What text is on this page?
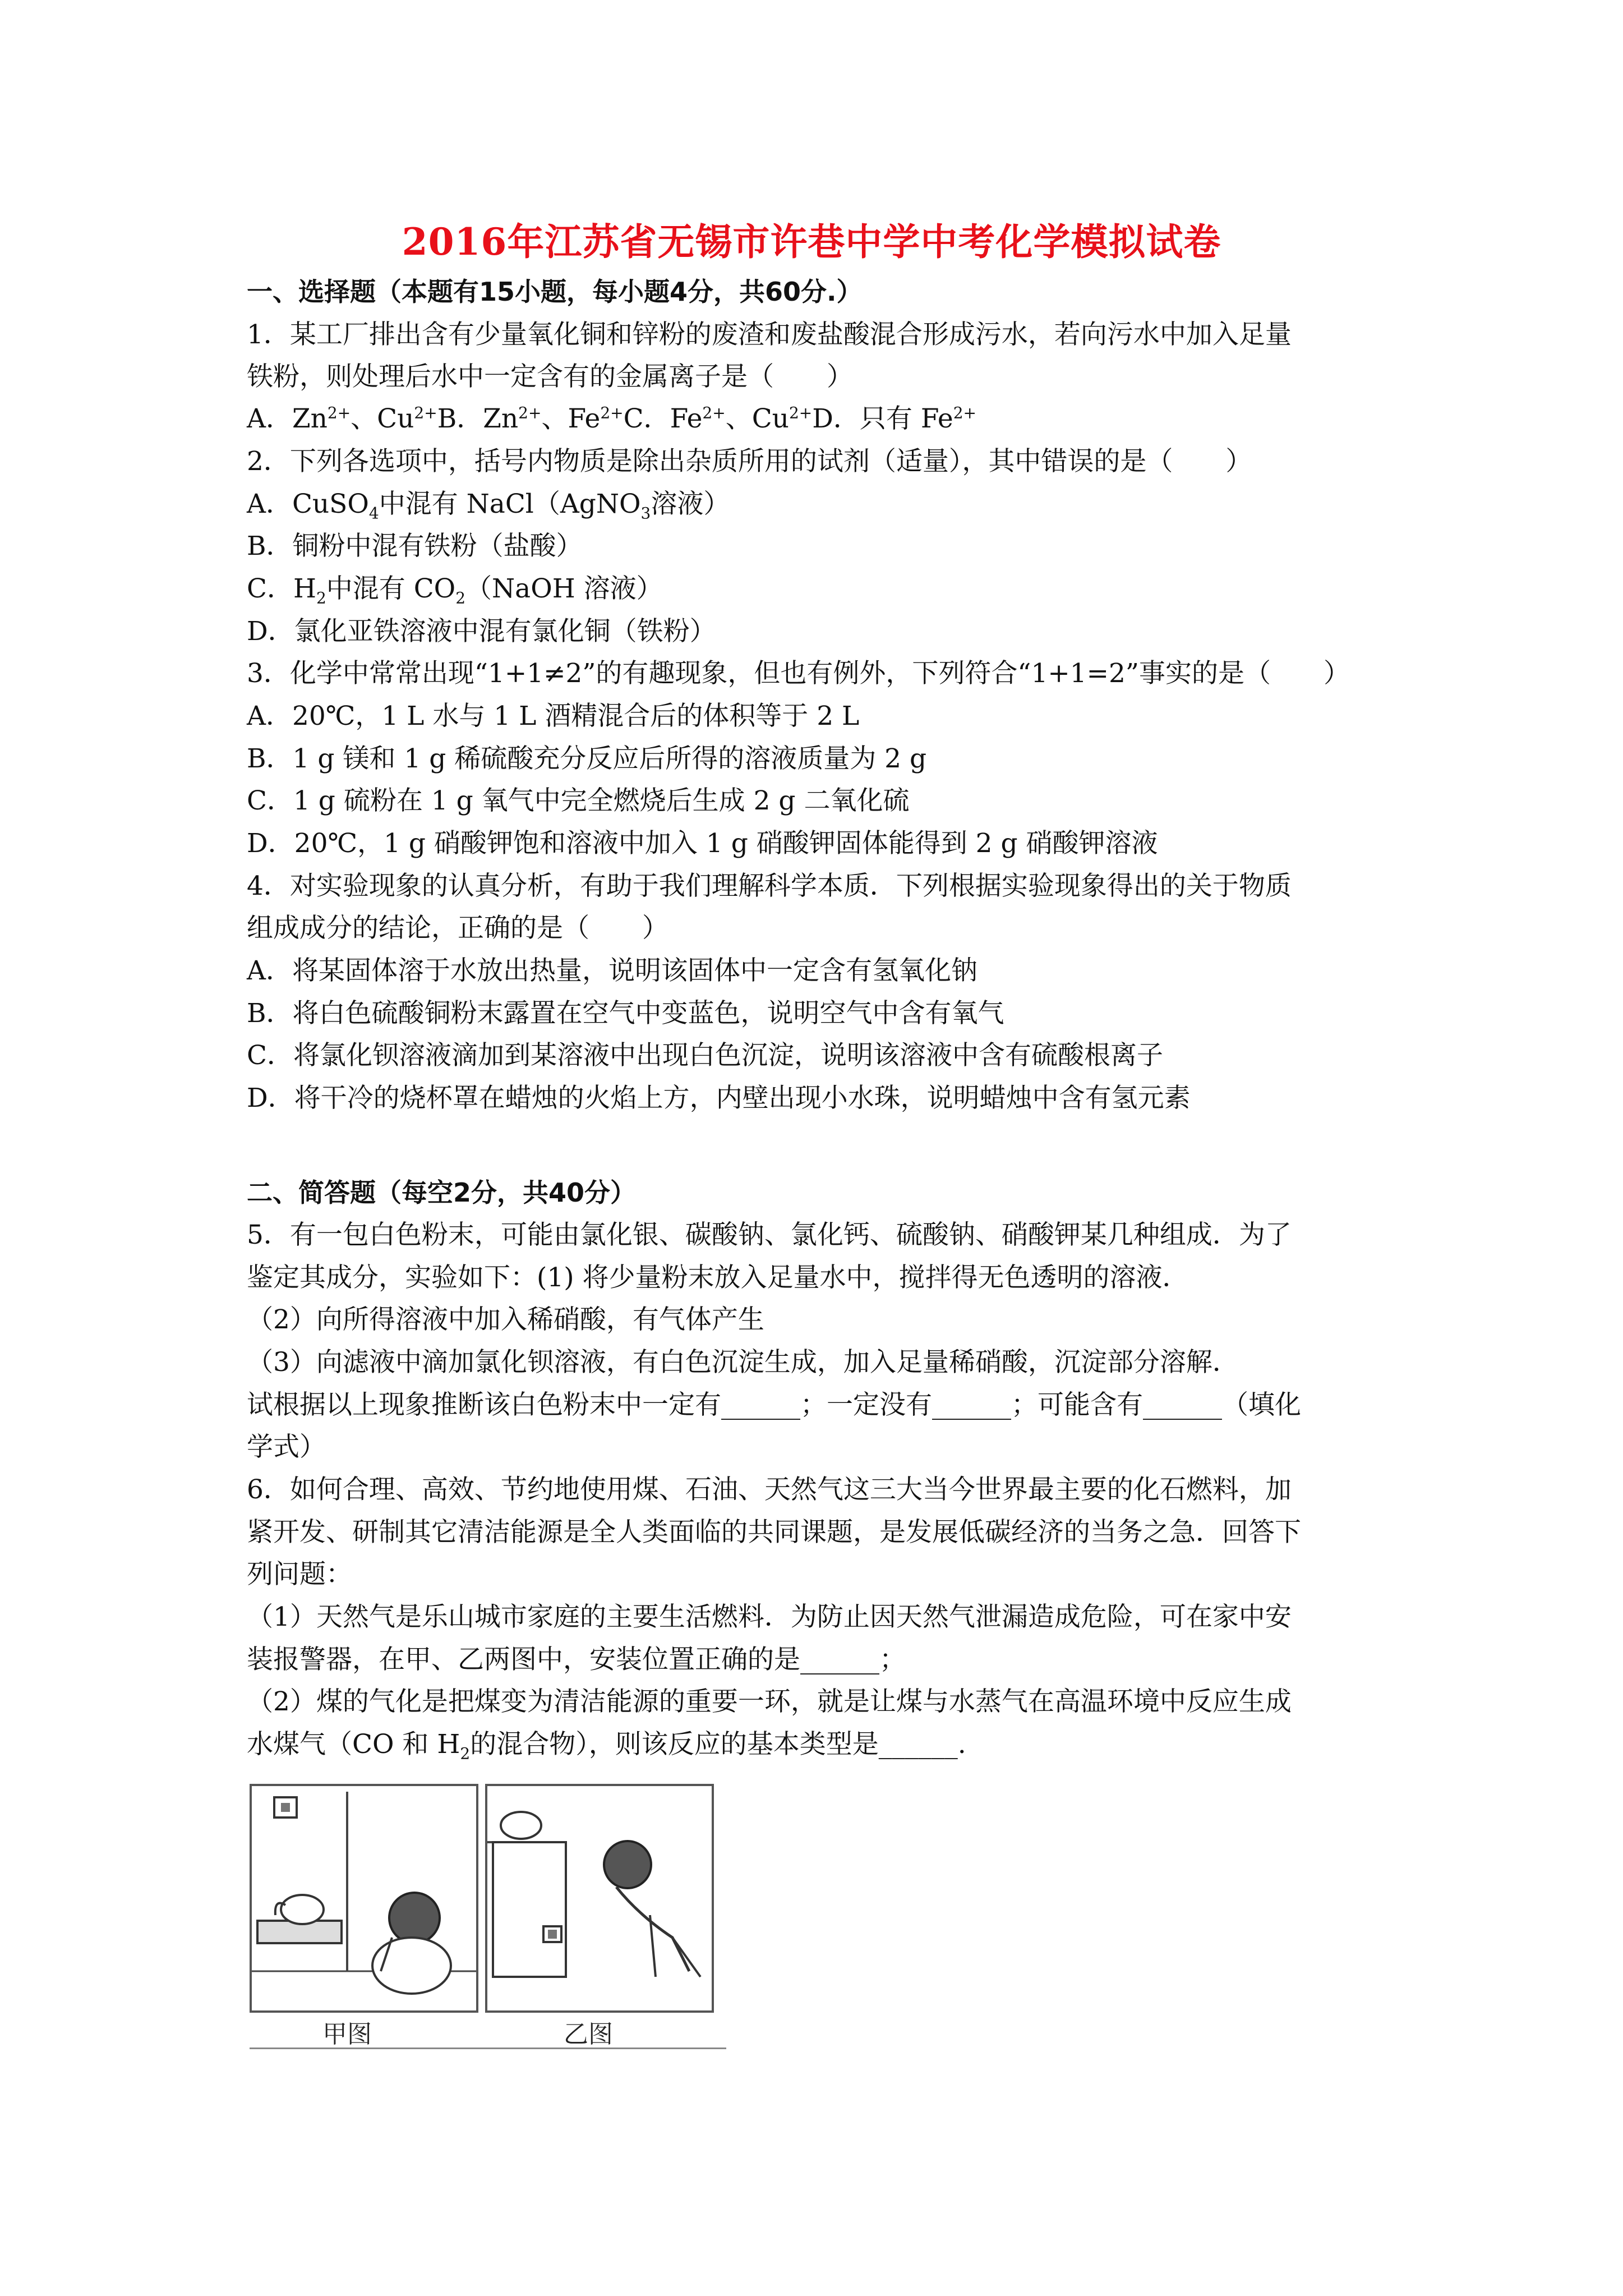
2016年江苏省无锡市许巷中学中考化学模拟试卷
一、选择题（本题有15小题，每小题4分，共60分.）
1．某工厂排出含有少量氧化铜和锌粉的废渣和废盐酸混合形成污水，若向污水中加入足量
铁粉，则处理后水中一定含有的金属离子是（　　）
A．$Zn^{2+}$、$Cu^{2+}B$．$Zn^{2+}$、$Fe^{2+}C$．$Fe^{2+}$、$Cu^{2+}D$．只有 $Fe^{2+}$
2．下列各选项中，括号内物质是除出杂质所用的试剂（适量），其中错误的是（　　）
A．CuSO$_4$中混有 NaCl（AgNO$_3$溶液）
B．铜粉中混有铁粉（盐酸）
C．$H_2$中混有 $CO_2(NaOH$ 溶液）
D．氯化亚铁溶液中混有氯化铜（铁粉）
3．化学中常常出现“1+1≠2”的有趣现象，但也有例外，下列符合“1+1=2”事实的是（　　）
A．20℃，1 L 水与 1 L 酒精混合后的体积等于 2 L
B．1 g 镁和 1 g 稀硫酸充分反应后所得的溶液质量为 2 g
C．1 g 硫粉在 1 g 氧气中完全燃烧后生成 2 g 二氧化硫
D．20℃，1 g 硝酸钾饱和溶液中加入 1 g 硝酸钾固体能得到 2 g 硝酸钾溶液
4．对实验现象的认真分析，有助于我们理解科学本质．下列根据实验现象得出的关于物质
组成成分的结论，正确的是（　　）
A．将某固体溶于水放出热量，说明该固体中一定含有氢氧化钠
B．将白色硫酸铜粉末露置在空气中变蓝色，说明空气中含有氧气
C．将氯化钡溶液滴加到某溶液中出现白色沉淀，说明该溶液中含有硫酸根离子
D．将干冷的烧杯罩在蜡烛的火焰上方，内壁出现小水珠，说明蜡烛中含有氢元素
二、简答题（每空2分，共40分）
5．有一包白色粉末，可能由氯化银、碳酸钠、氯化钙、硫酸钠、硝酸钾某几种组成．为了
鉴定其成分，实验如下：(1) 将少量粉末放入足量水中，搅拌得无色透明的溶液．
（2）向所得溶液中加入稀硝酸，有气体产生
（3）向滤液中滴加氯化钡溶液，有白色沉淀生成，加入足量稀硝酸，沉淀部分溶解．
试根据以上现象推断该白色粉末中一定有______；一定没有______；可能含有______（填化
学式）
6．如何合理、高效、节约地使用煤、石油、天然气这三大当今世界最主要的化石燃料，加
紧开发、研制其它清洁能源是全人类面临的共同课题，是发展低碳经济的当务之急．回答下
列问题：
（1）天然气是乐山城市家庭的主要生活燃料．为防止因天然气泄漏造成危险，可在家中安
装报警器，在甲、乙两图中，安装位置正确的是______；
（2）煤的气化是把煤变为清洁能源的重要一环，就是让煤与水蒸气在高温环境中反应生成
水煤气（CO 和 $H_2$的混合物），则该反应的基本类型是______.
甲图	乙图
